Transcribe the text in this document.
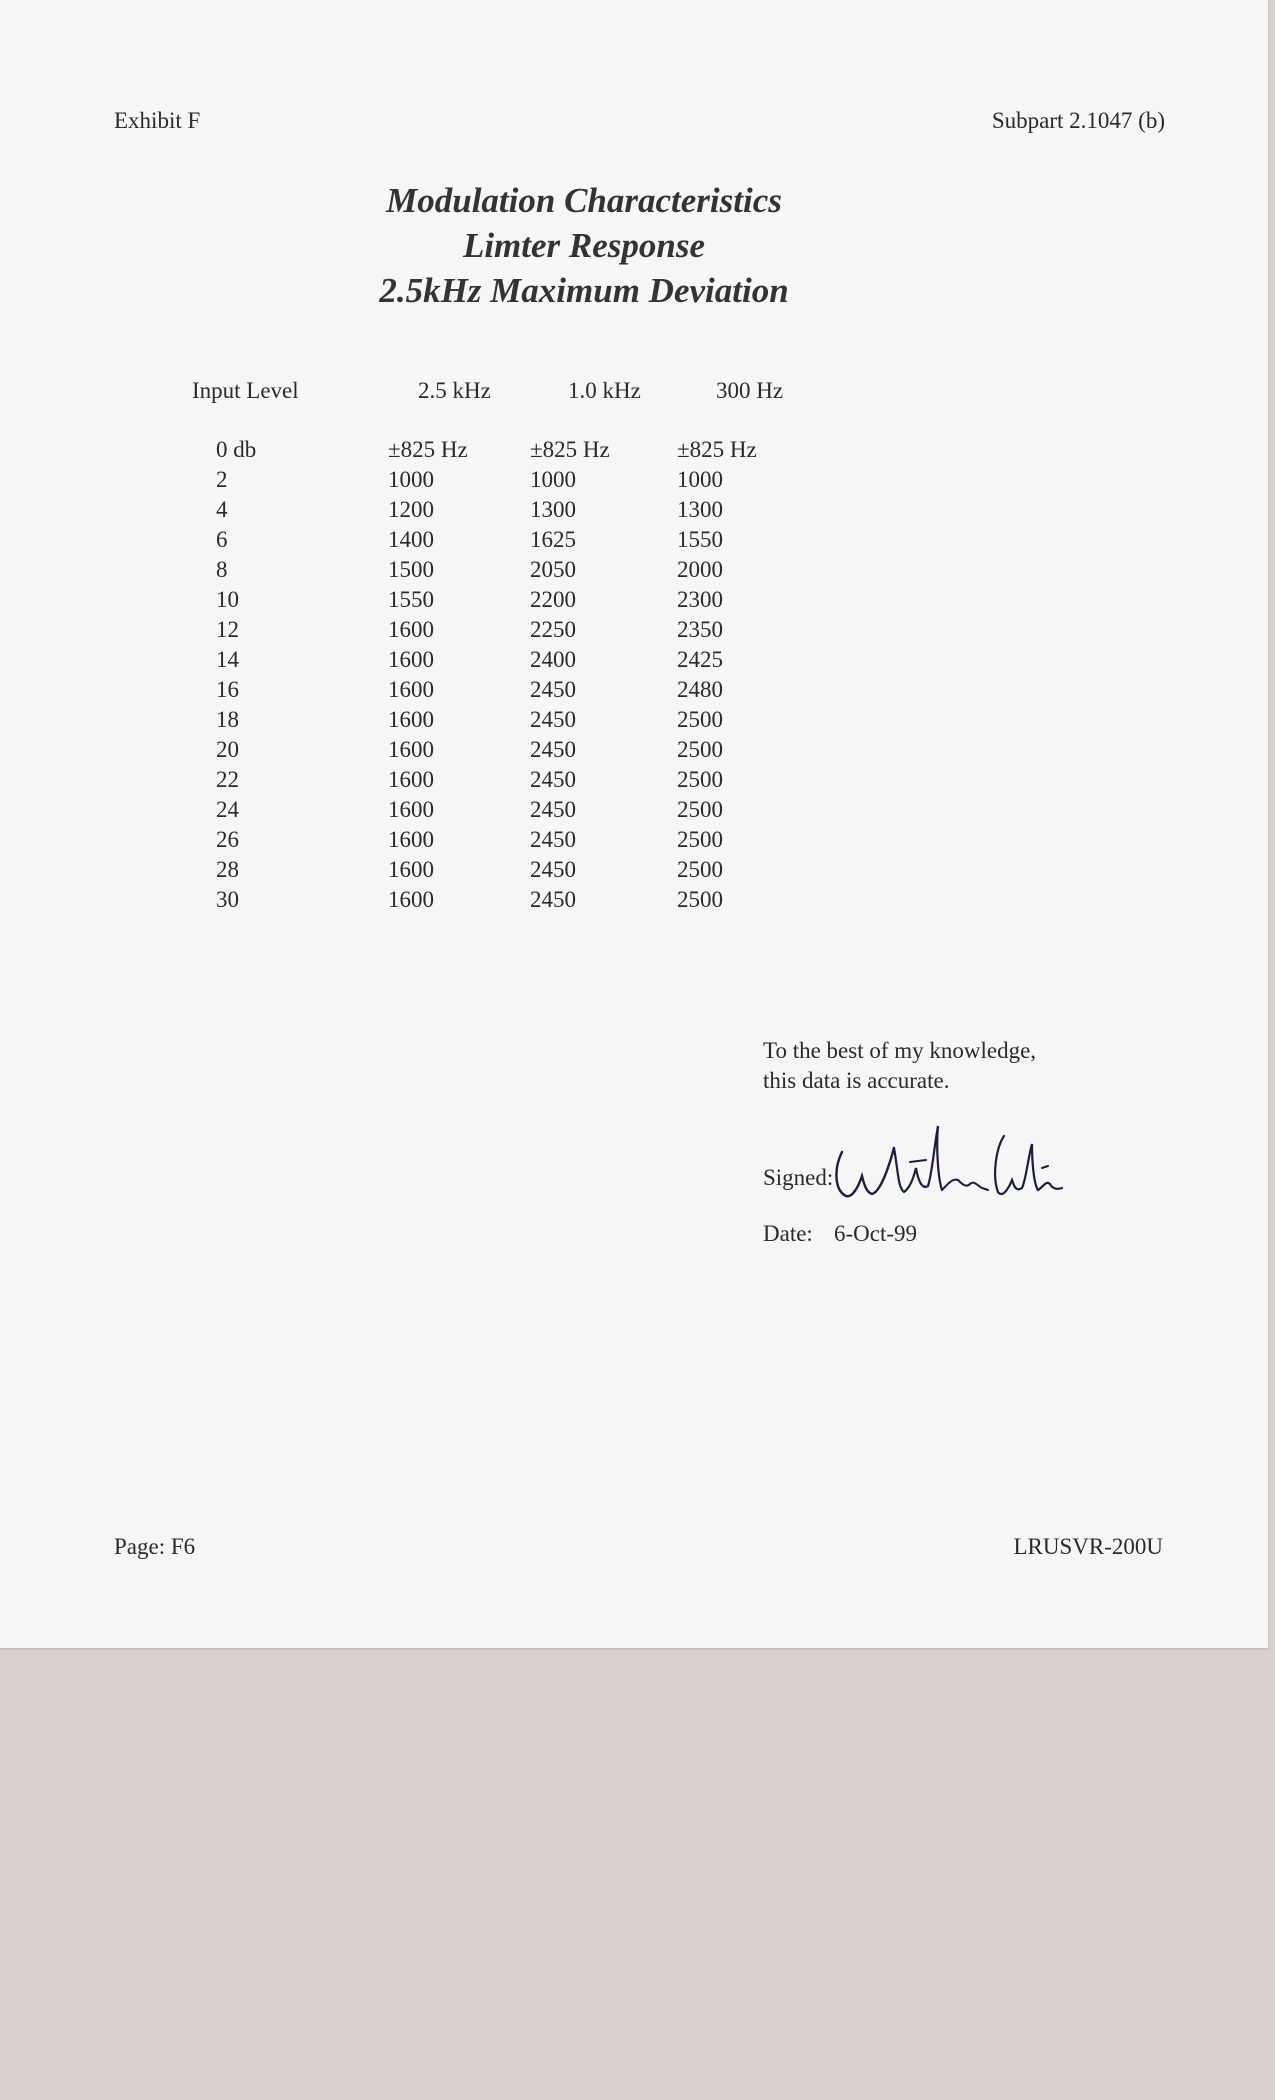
Exhibit F	Subpart 2.1047 (b)
Modulation Characteristics
Limter Response
2.5kHz Maximum Deviation
Input Level	2.5 kHz	1.0 kHz	300 Hz
0 db	±825 Hz	±825 Hz	±825 Hz
2	1000	1000	1000
4	1200	1300	1300
6	1400	1625	1550
8	1500	2050	2000
10	1550	2200	2300
12	1600	2250	2350
14	1600	2400	2425
16	1600	2450	2480
18	1600	2450	2500
20	1600	2450	2500
22	1600	2450	2500
24	1600	2450	2500
26	1600	2450	2500
28	1600	2450	2500
30	1600	2450	2500
To the best of my knowledge,
this data is accurate.
Signed:
Date: 6-Oct-99
Page: F6	LRUSVR-200U
